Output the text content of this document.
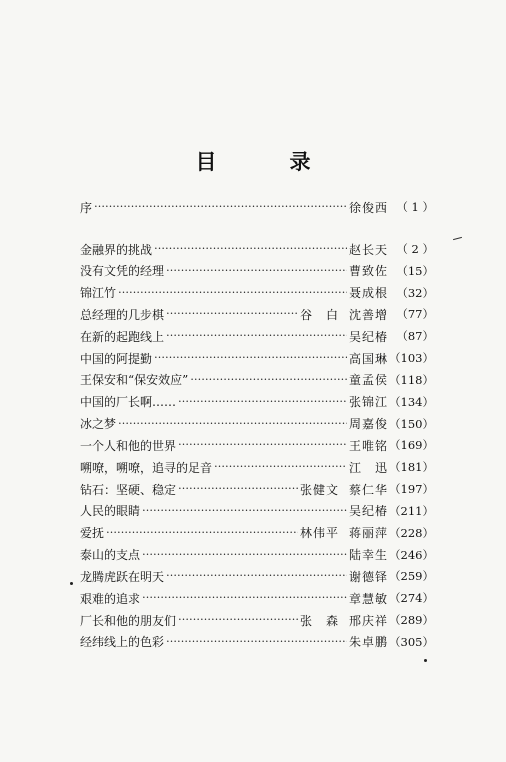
目　录
序 ……………………………………………………………………………………………………………………………………	徐俊西 （ 1 ）
金融界的挑战 ……………………………………………………………………………………………………………………………………	赵长天 （ 2 ）
没有文凭的经理 ……………………………………………………………………………………………………………………………………	曹致佐 （15）
锦江竹 ……………………………………………………………………………………………………………………………………	聂成根 （32）
总经理的几步棋 ……………………………………………………………………………………………………………………………………	谷　白 沈善增 （77）
在新的起跑线上 ……………………………………………………………………………………………………………………………………	吴纪椿 （87）
中国的阿提勤 ……………………………………………………………………………………………………………………………………	高国琳 （103）
王保安和“保安效应” ……………………………………………………………………………………………………………………………………	童孟侯 （118）
中国的厂长啊…… ……………………………………………………………………………………………………………………………………	张锦江 （134）
冰之梦 ……………………………………………………………………………………………………………………………………	周嘉俊 （150）
一个人和他的世界 ……………………………………………………………………………………………………………………………………	王唯铭 （169）
嗍嘹，嗍嘹，追寻的足音 ……………………………………………………………………………………………………………………………………	江　迅 （181）
钻石：坚硬、稳定 ……………………………………………………………………………………………………………………………………	张健文 蔡仁华 （197）
人民的眼睛 ……………………………………………………………………………………………………………………………………	吴纪椿 （211）
爱抚 ……………………………………………………………………………………………………………………………………	林伟平 蒋丽萍 （228）
泰山的支点 ……………………………………………………………………………………………………………………………………	陆幸生 （246）
龙腾虎跃在明天 ……………………………………………………………………………………………………………………………………	谢德铎 （259）
艰难的追求 ……………………………………………………………………………………………………………………………………	章慧敏 （274）
厂长和他的朋友们 ……………………………………………………………………………………………………………………………………	张　森 邢庆祥 （289）
经纬线上的色彩 ……………………………………………………………………………………………………………………………………	朱卓鹏 （305）
